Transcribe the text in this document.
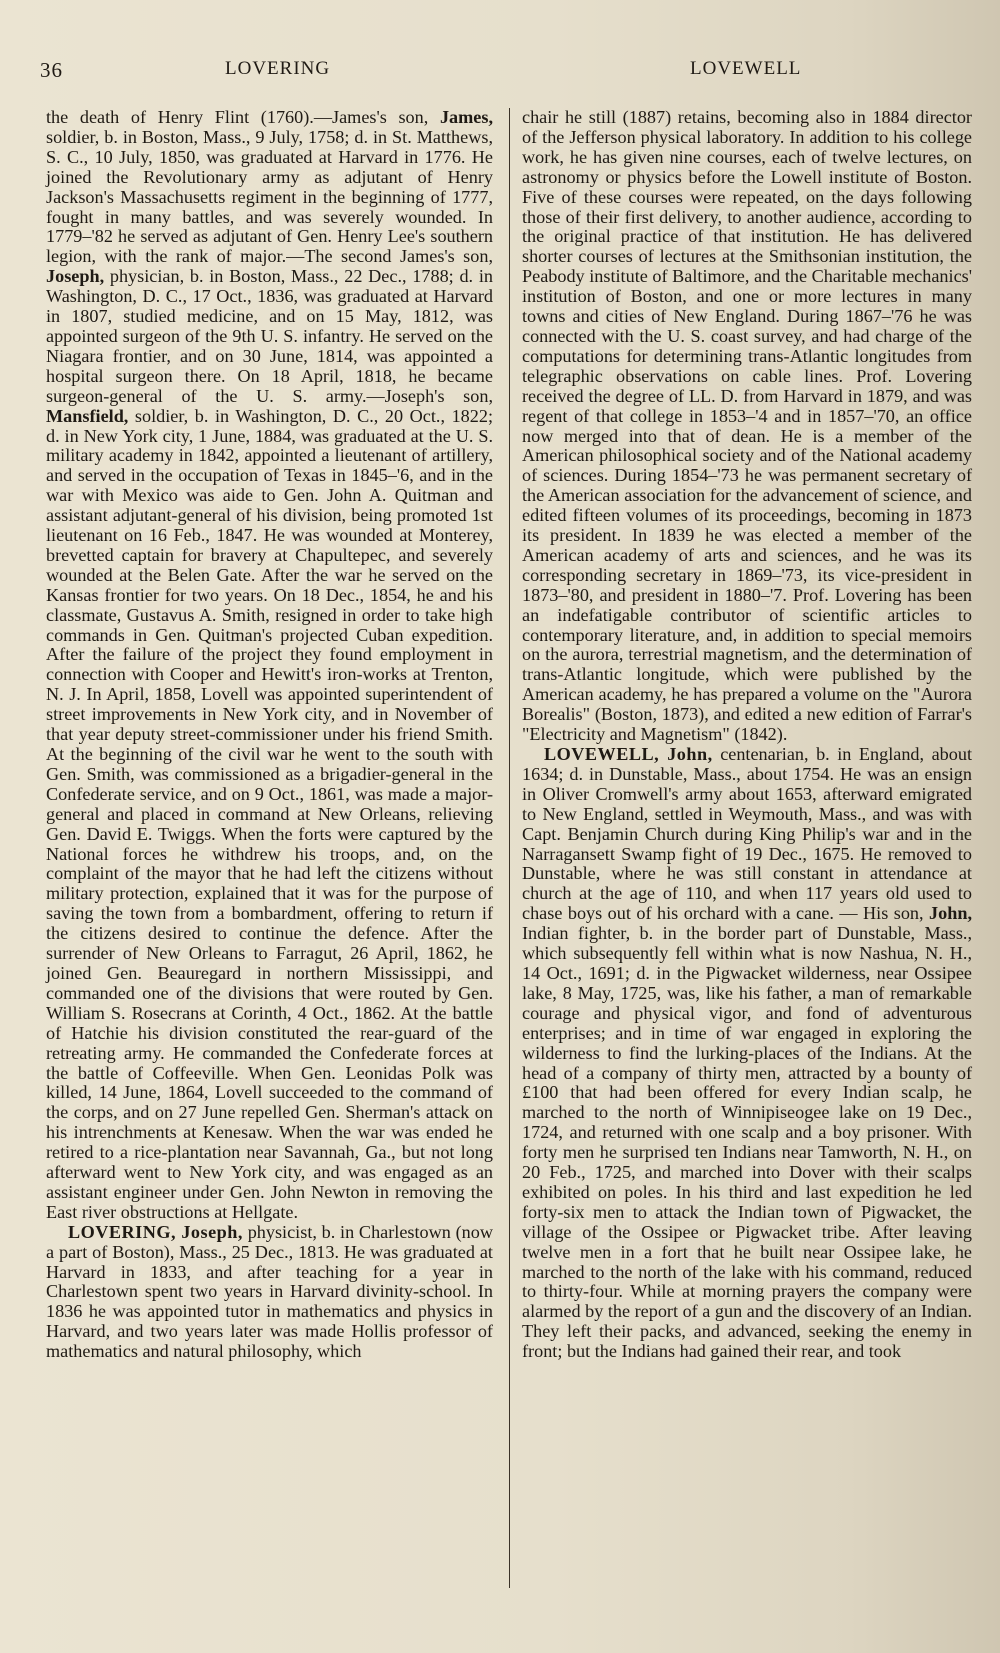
36	LOVERING	LOVEWELL

the death of Henry Flint (1760).—James's son, James, soldier, b. in Boston, Mass., 9 July, 1758; d. in St. Matthews, S. C., 10 July, 1850, was graduated at Harvard in 1776. He joined the Revolutionary army as adjutant of Henry Jackson's Massachusetts regiment in the beginning of 1777, fought in many battles, and was severely wounded. In 1779–'82 he served as adjutant of Gen. Henry Lee's southern legion, with the rank of major.—The second James's son, Joseph, physician, b. in Boston, Mass., 22 Dec., 1788; d. in Washington, D. C., 17 Oct., 1836, was graduated at Harvard in 1807, studied medicine, and on 15 May, 1812, was appointed surgeon of the 9th U. S. infantry. He served on the Niagara frontier, and on 30 June, 1814, was appointed a hospital surgeon there. On 18 April, 1818, he became surgeon-general of the U. S. army.—Joseph's son, Mansfield, soldier, b. in Washington, D. C., 20 Oct., 1822; d. in New York city, 1 June, 1884, was graduated at the U. S. military academy in 1842, appointed a lieutenant of artillery, and served in the occupation of Texas in 1845–'6, and in the war with Mexico was aide to Gen. John A. Quitman and assistant adjutant-general of his division, being promoted 1st lieutenant on 16 Feb., 1847. He was wounded at Monterey, brevetted captain for bravery at Chapultepec, and severely wounded at the Belen Gate. After the war he served on the Kansas frontier for two years. On 18 Dec., 1854, he and his classmate, Gustavus A. Smith, resigned in order to take high commands in Gen. Quitman's projected Cuban expedition. After the failure of the project they found employment in connection with Cooper and Hewitt's iron-works at Trenton, N. J. In April, 1858, Lovell was appointed superintendent of street improvements in New York city, and in November of that year deputy street-commissioner under his friend Smith. At the beginning of the civil war he went to the south with Gen. Smith, was commissioned as a brigadier-general in the Confederate service, and on 9 Oct., 1861, was made a major-general and placed in command at New Orleans, relieving Gen. David E. Twiggs. When the forts were captured by the National forces he withdrew his troops, and, on the complaint of the mayor that he had left the citizens without military protection, explained that it was for the purpose of saving the town from a bombardment, offering to return if the citizens desired to continue the defence. After the surrender of New Orleans to Farragut, 26 April, 1862, he joined Gen. Beauregard in northern Mississippi, and commanded one of the divisions that were routed by Gen. William S. Rosecrans at Corinth, 4 Oct., 1862. At the battle of Hatchie his division constituted the rear-guard of the retreating army. He commanded the Confederate forces at the battle of Coffeeville. When Gen. Leonidas Polk was killed, 14 June, 1864, Lovell succeeded to the command of the corps, and on 27 June repelled Gen. Sherman's attack on his intrenchments at Kenesaw. When the war was ended he retired to a rice-plantation near Savannah, Ga., but not long afterward went to New York city, and was engaged as an assistant engineer under Gen. John Newton in removing the East river obstructions at Hellgate.

LOVERING, Joseph, physicist, b. in Charlestown (now a part of Boston), Mass., 25 Dec., 1813. He was graduated at Harvard in 1833, and after teaching for a year in Charlestown spent two years in Harvard divinity-school. In 1836 he was appointed tutor in mathematics and physics in Harvard, and two years later was made Hollis professor of mathematics and natural philosophy, which

chair he still (1887) retains, becoming also in 1884 director of the Jefferson physical laboratory. In addition to his college work, he has given nine courses, each of twelve lectures, on astronomy or physics before the Lowell institute of Boston. Five of these courses were repeated, on the days following those of their first delivery, to another audience, according to the original practice of that institution. He has delivered shorter courses of lectures at the Smithsonian institution, the Peabody institute of Baltimore, and the Charitable mechanics' institution of Boston, and one or more lectures in many towns and cities of New England. During 1867–'76 he was connected with the U. S. coast survey, and had charge of the computations for determining trans-Atlantic longitudes from telegraphic observations on cable lines. Prof. Lovering received the degree of LL. D. from Harvard in 1879, and was regent of that college in 1853–'4 and in 1857–'70, an office now merged into that of dean. He is a member of the American philosophical society and of the National academy of sciences. During 1854–'73 he was permanent secretary of the American association for the advancement of science, and edited fifteen volumes of its proceedings, becoming in 1873 its president. In 1839 he was elected a member of the American academy of arts and sciences, and he was its corresponding secretary in 1869–'73, its vice-president in 1873–'80, and president in 1880–'7. Prof. Lovering has been an indefatigable contributor of scientific articles to contemporary literature, and, in addition to special memoirs on the aurora, terrestrial magnetism, and the determination of trans-Atlantic longitude, which were published by the American academy, he has prepared a volume on the "Aurora Borealis" (Boston, 1873), and edited a new edition of Farrar's "Electricity and Magnetism" (1842).

LOVEWELL, John, centenarian, b. in England, about 1634; d. in Dunstable, Mass., about 1754. He was an ensign in Oliver Cromwell's army about 1653, afterward emigrated to New England, settled in Weymouth, Mass., and was with Capt. Benjamin Church during King Philip's war and in the Narragansett Swamp fight of 19 Dec., 1675. He removed to Dunstable, where he was still constant in attendance at church at the age of 110, and when 117 years old used to chase boys out of his orchard with a cane. — His son, John, Indian fighter, b. in the border part of Dunstable, Mass., which subsequently fell within what is now Nashua, N. H., 14 Oct., 1691; d. in the Pigwacket wilderness, near Ossipee lake, 8 May, 1725, was, like his father, a man of remarkable courage and physical vigor, and fond of adventurous enterprises; and in time of war engaged in exploring the wilderness to find the lurking-places of the Indians. At the head of a company of thirty men, attracted by a bounty of £100 that had been offered for every Indian scalp, he marched to the north of Winnipiseogee lake on 19 Dec., 1724, and returned with one scalp and a boy prisoner. With forty men he surprised ten Indians near Tamworth, N. H., on 20 Feb., 1725, and marched into Dover with their scalps exhibited on poles. In his third and last expedition he led forty-six men to attack the Indian town of Pigwacket, the village of the Ossipee or Pigwacket tribe. After leaving twelve men in a fort that he built near Ossipee lake, he marched to the north of the lake with his command, reduced to thirty-four. While at morning prayers the company were alarmed by the report of a gun and the discovery of an Indian. They left their packs, and advanced, seeking the enemy in front; but the Indians had gained their rear, and took
